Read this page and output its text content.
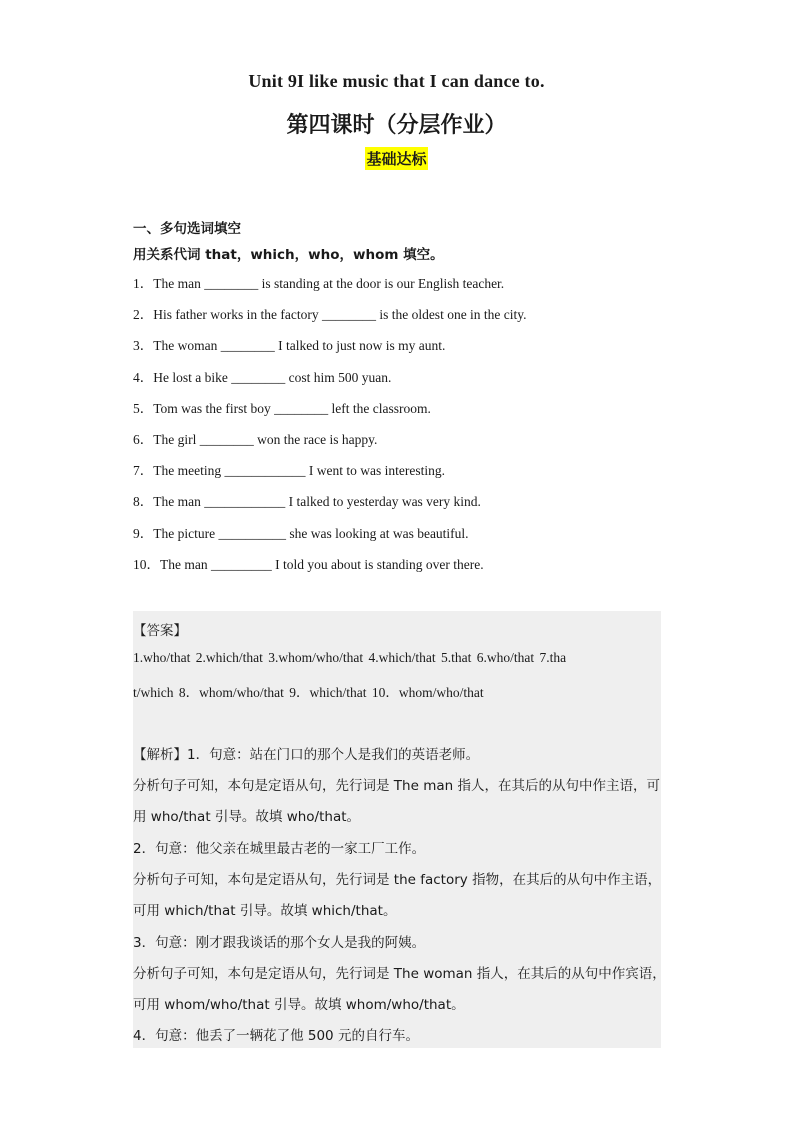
Unit 9I like music that I can dance to.
第四课时（分层作业）
基础达标
一、多句选词填空
用关系代词 that，which，who，whom 填空。
1．The man ________ is standing at the door is our English teacher.
2．His father works in the factory ________ is the oldest one in the city.
3．The woman ________ I talked to just now is my aunt.
4．He lost a bike ________ cost him 500 yuan.
5．Tom was the first boy ________ left the classroom.
6．The girl ________ won the race is happy.
7．The meeting ____________ I went to was interesting.
8．The man ____________ I talked to yesterday was very kind.
9．The picture __________ she was looking at was beautiful.
10．The man _________ I told you about is standing over there.
【答案】
1.who/that 2.which/that 3.whom/who/that 4.which/that 5.that 6.who/that 7.tha
t/which 8．whom/who/that 9．which/that 10．whom/who/that
【解析】1．句意：站在门口的那个人是我们的英语老师。
分析句子可知，本句是定语从句，先行词是 The man 指人，在其后的从句中作主语，可
用 who/that 引导。故填 who/that。
2．句意：他父亲在城里最古老的一家工厂工作。
分析句子可知，本句是定语从句，先行词是 the factory 指物，在其后的从句中作主语，
可用 which/that 引导。故填 which/that。
3．句意：刚才跟我谈话的那个女人是我的阿姨。
分析句子可知，本句是定语从句，先行词是 The woman 指人，在其后的从句中作宾语，
可用 whom/who/that 引导。故填 whom/who/that。
4．句意：他丢了一辆花了他 500 元的自行车。
